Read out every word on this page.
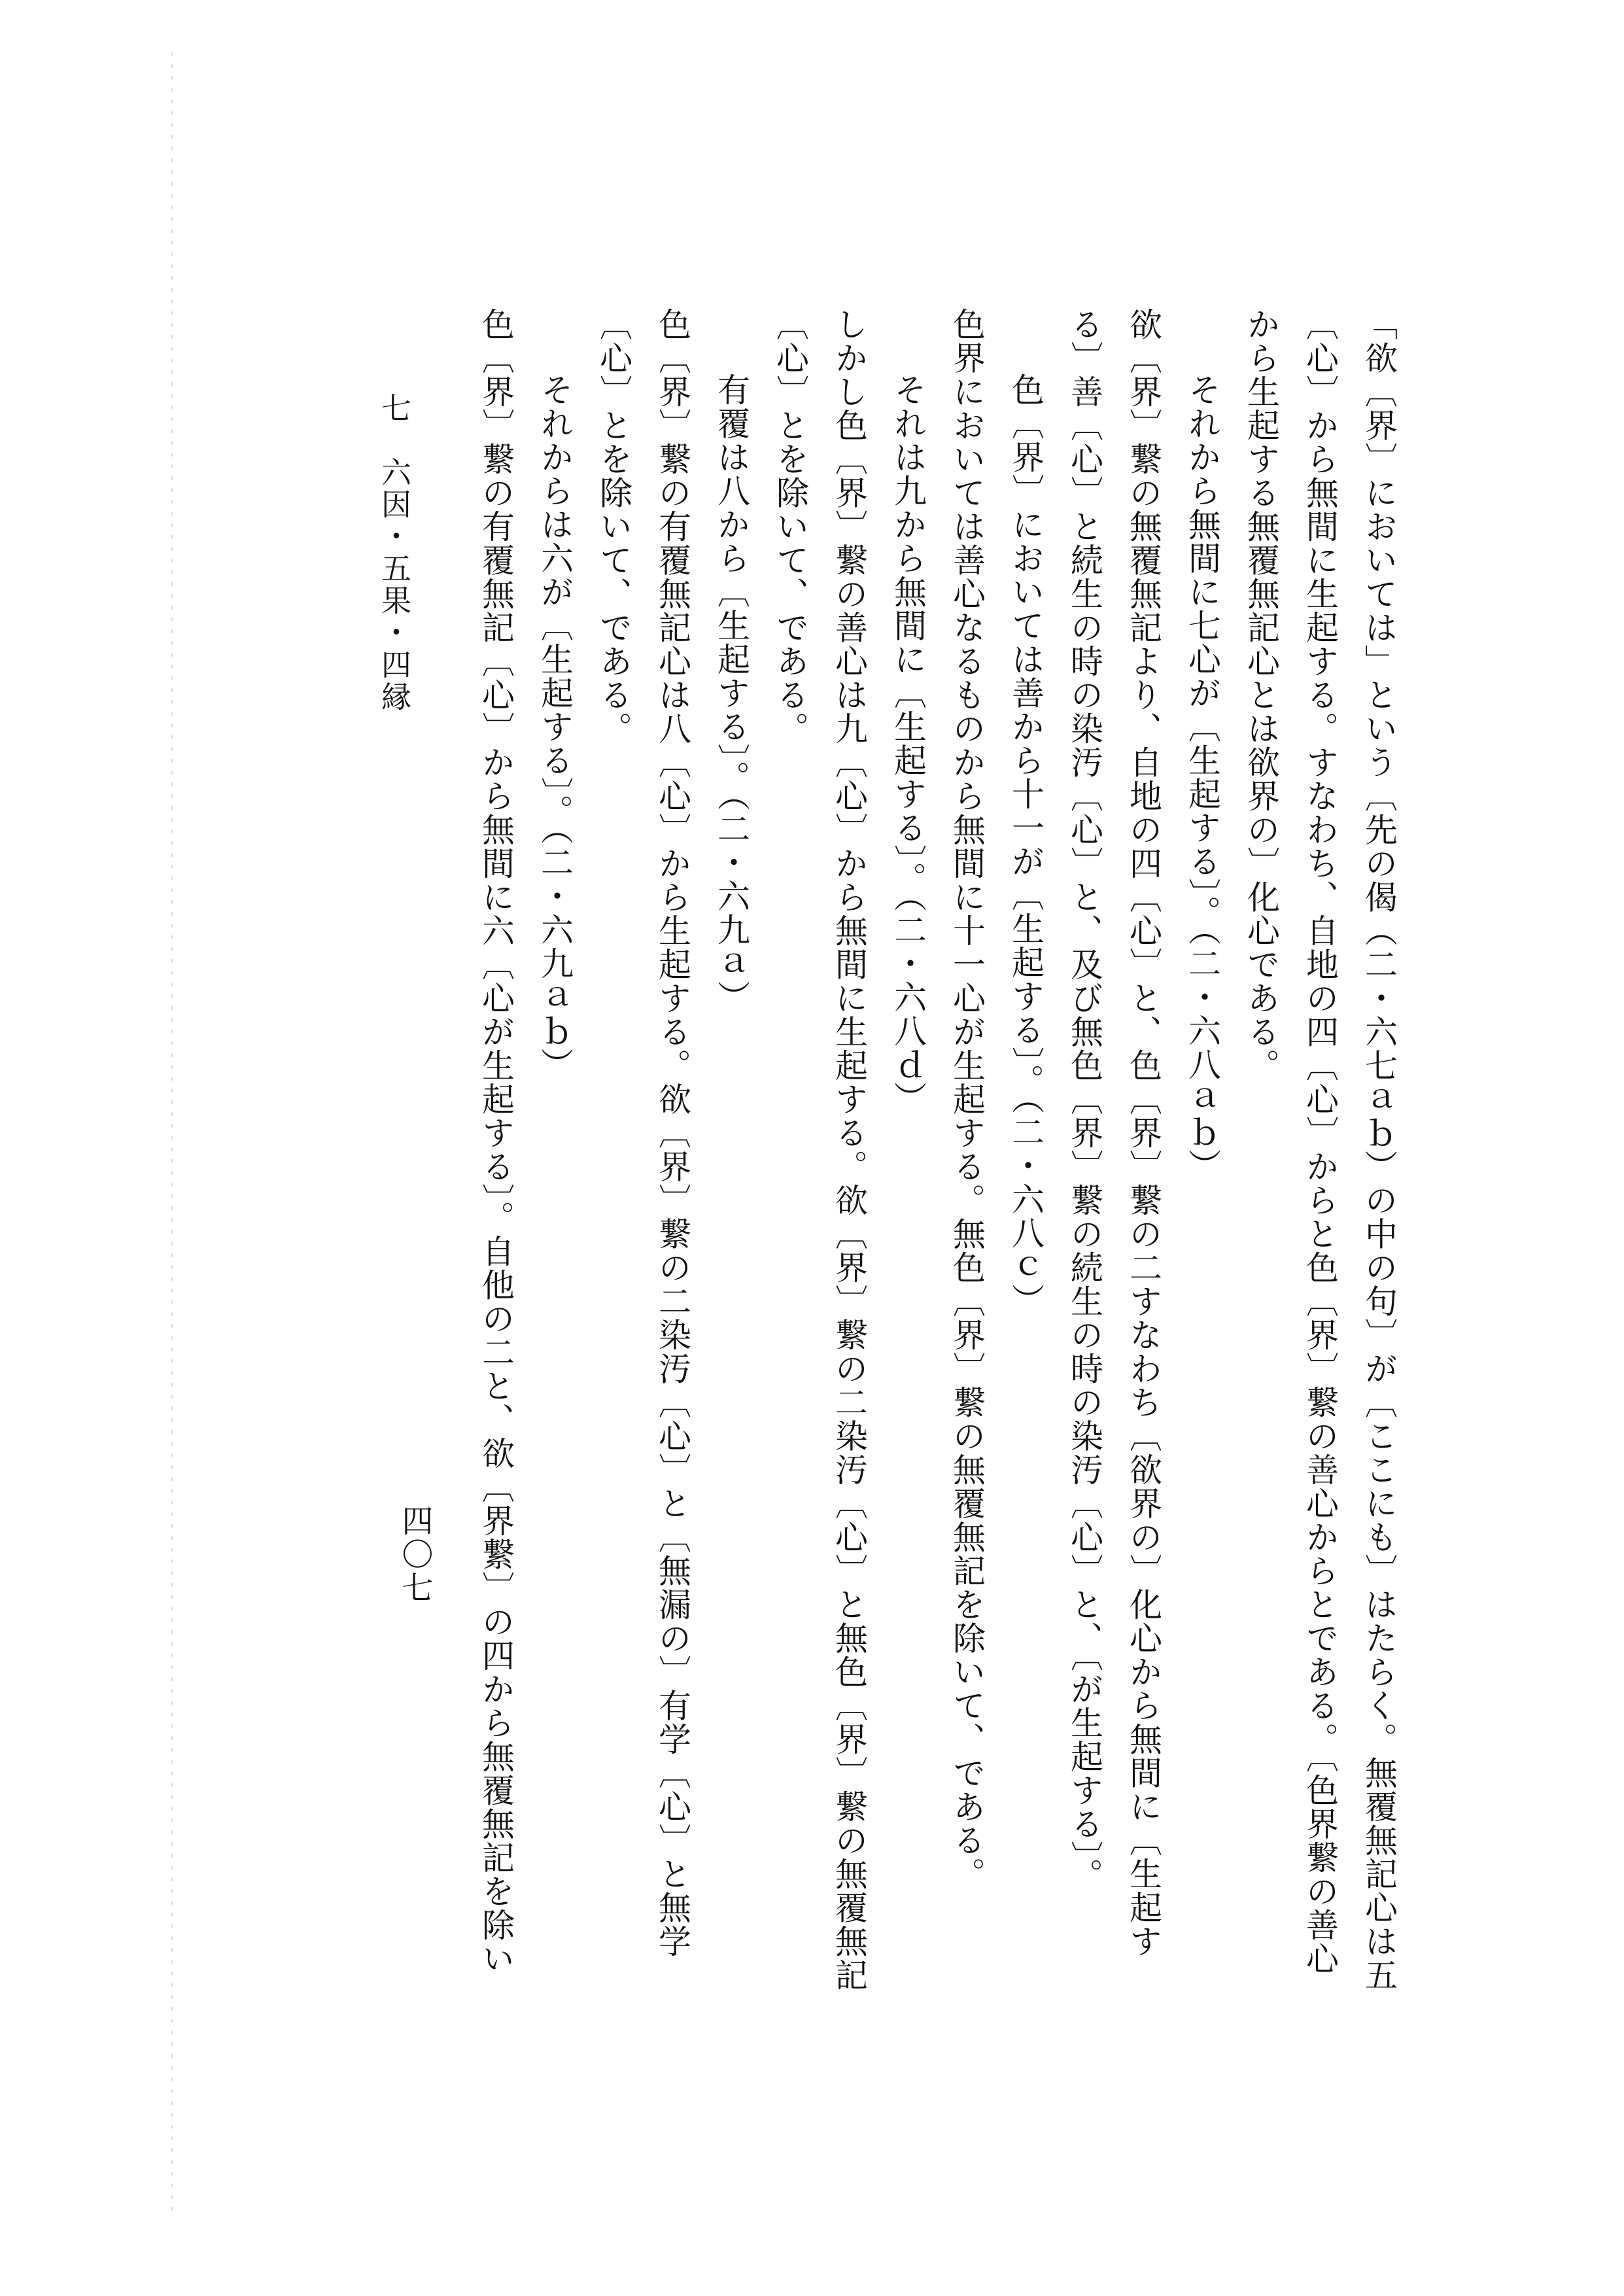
「欲〔界〕においては」という〔先の偈（二・六七ａｂ）の中の句〕が〔ここにも〕はたらく。無覆無記心は五
〔心〕から無間に生起する。すなわち、自地の四〔心〕からと色〔界〕繋の善心からとである。〔色界繋の善心
から生起する無覆無記心とは欲界の〕化心である。
それから無間に七心が〔生起する〕。（二・六八ａｂ）
欲〔界〕繋の無覆無記より、自地の四〔心〕と、色〔界〕繋の二すなわち〔欲界の〕化心から無間に〔生起す
る〕善〔心〕と続生の時の染汚〔心〕と、及び無色〔界〕繋の続生の時の染汚〔心〕と、〔が生起する〕。
色〔界〕においては善から十一が〔生起する〕。（二・六八ｃ）
色界においては善心なるものから無間に十一心が生起する。無色〔界〕繋の無覆無記を除いて、である。
それは九から無間に〔生起する〕。（二・六八ｄ）
しかし色〔界〕繋の善心は九〔心〕から無間に生起する。欲〔界〕繋の二染汚〔心〕と無色〔界〕繋の無覆無記
〔心〕とを除いて、である。
有覆は八から〔生起する〕。（二・六九ａ）
色〔界〕繋の有覆無記心は八〔心〕から生起する。欲〔界〕繋の二染汚〔心〕と〔無漏の〕有学〔心〕と無学
〔心〕とを除いて、である。
それからは六が〔生起する〕。（二・六九ａｂ）
色〔界〕繋の有覆無記〔心〕から無間に六〔心が生起する〕。自他の二と、欲〔界繋〕の四から無覆無記を除い
七　六因・五果・四縁
四〇七
